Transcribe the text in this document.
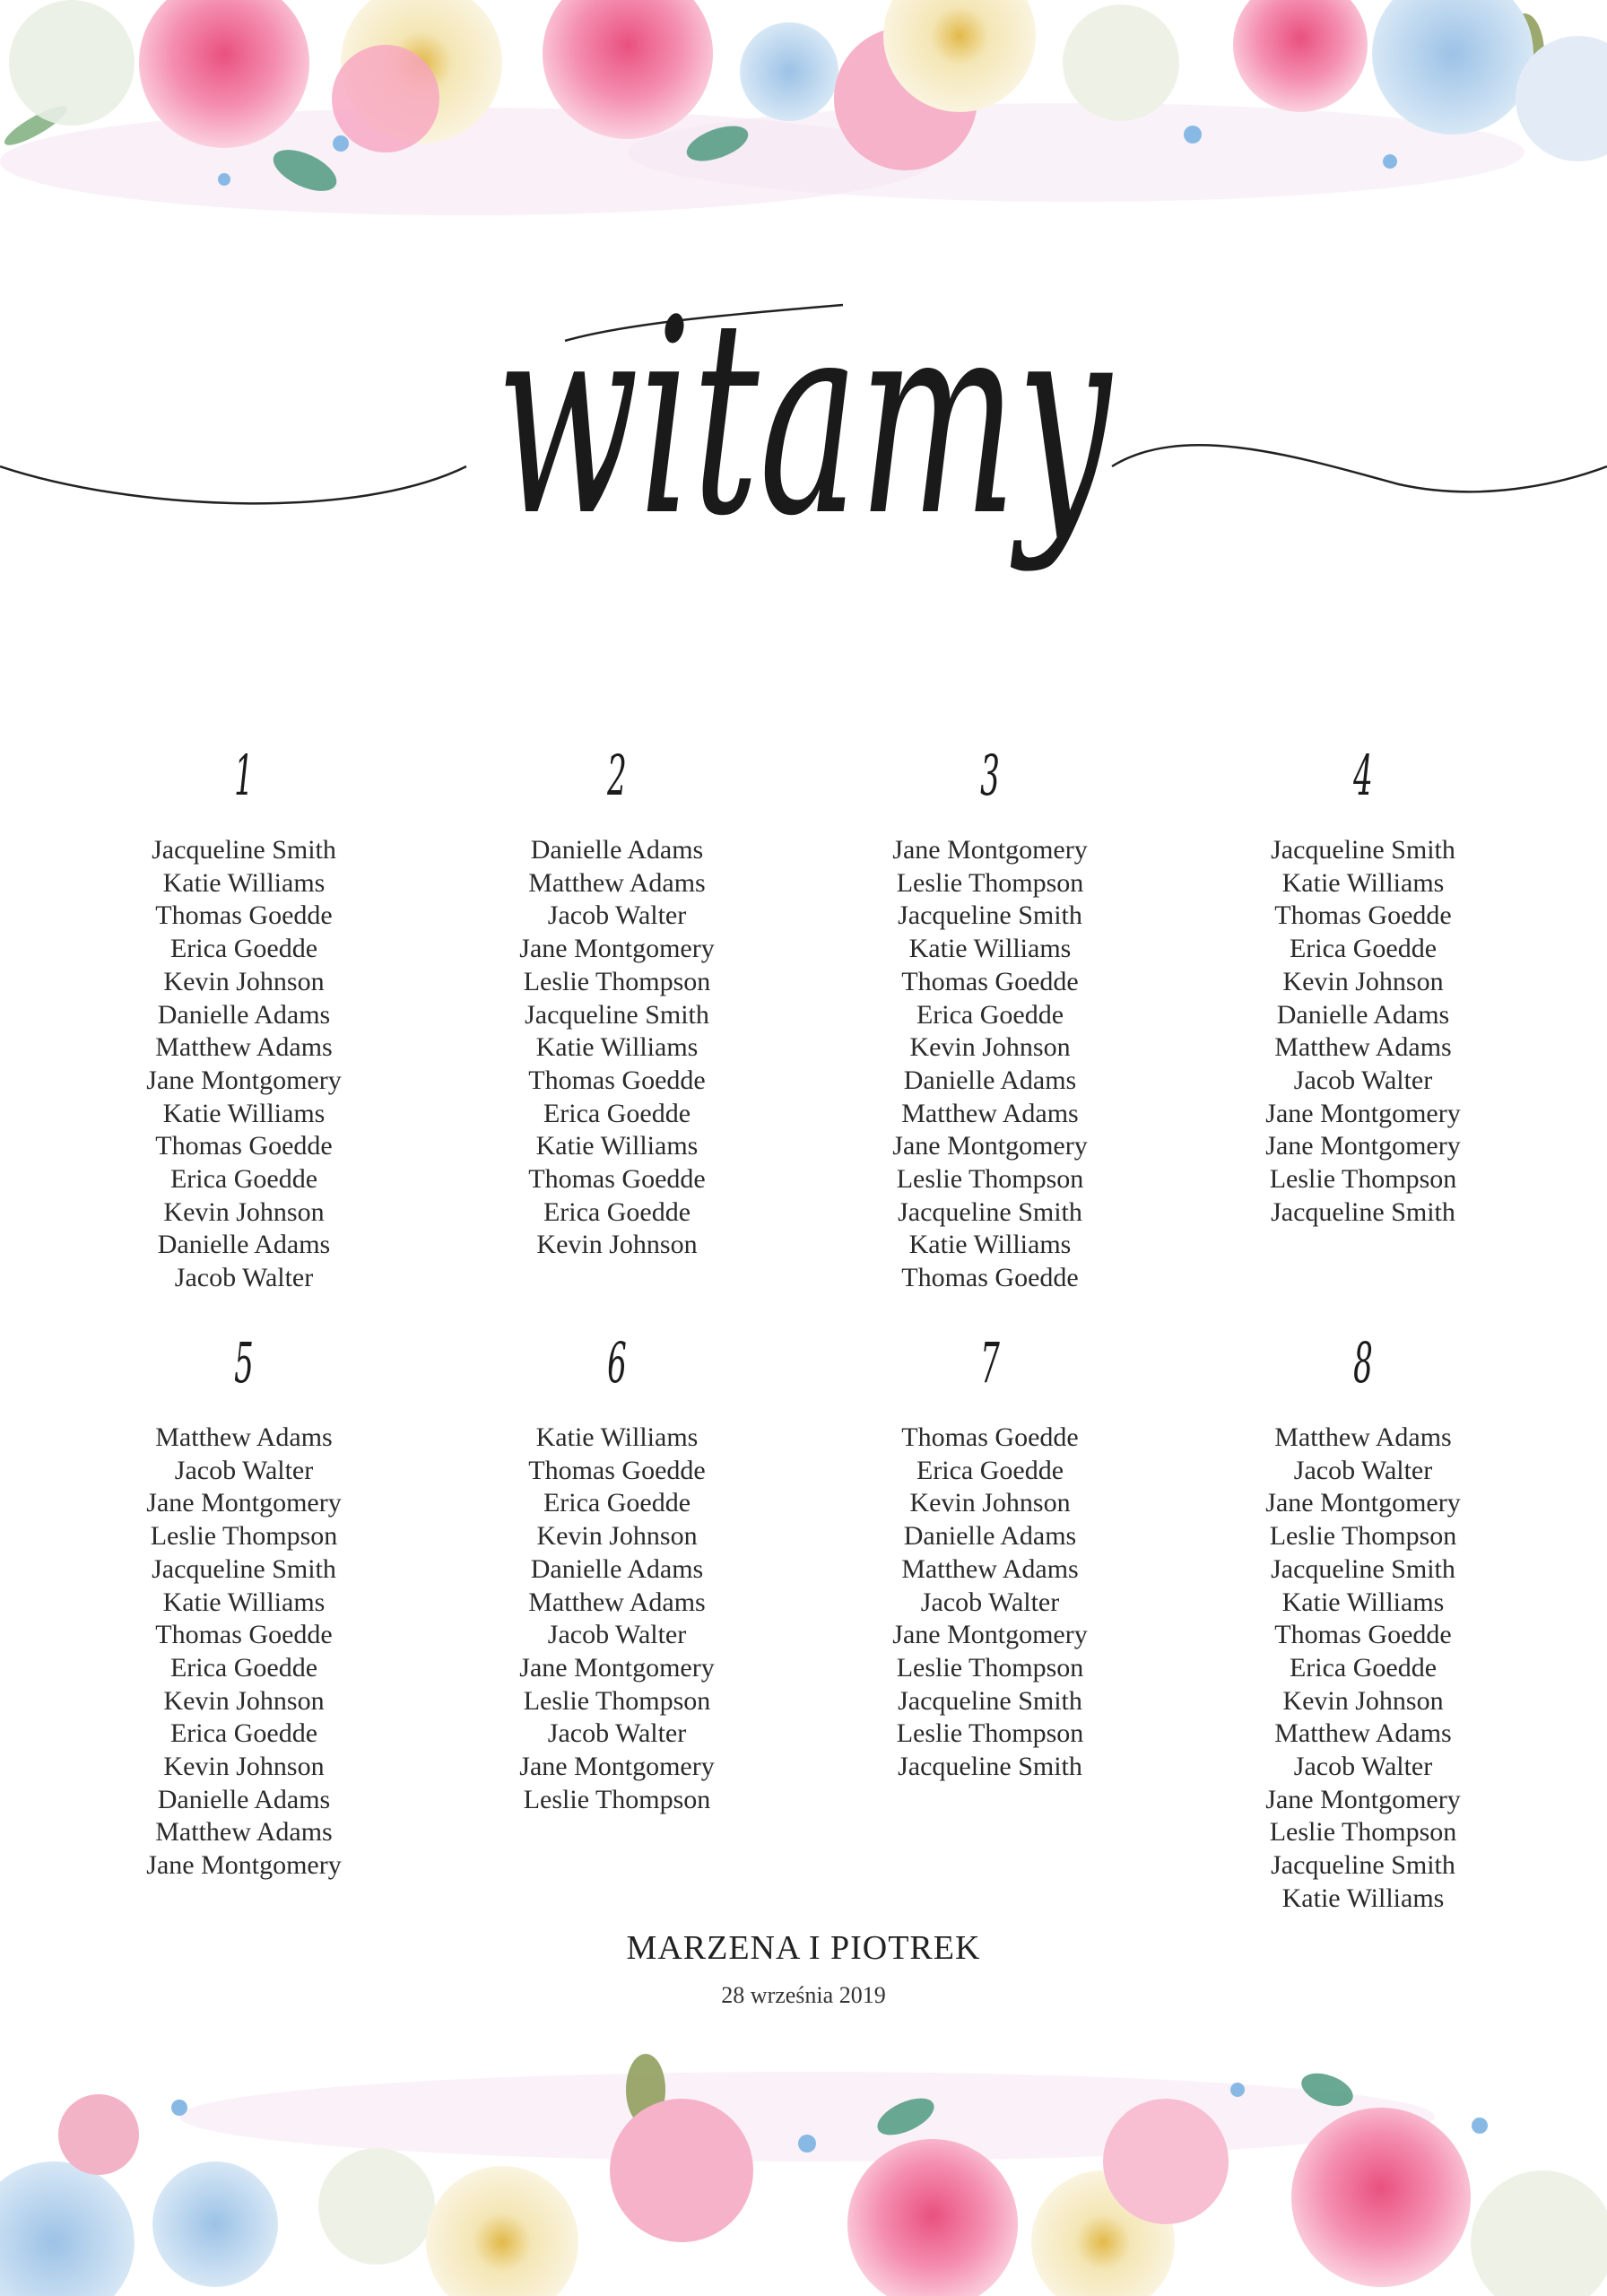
witamy
1
Jacqueline Smith
Katie Williams
Thomas Goedde
Erica Goedde
Kevin Johnson
Danielle Adams
Matthew Adams
Jane Montgomery
Katie Williams
Thomas Goedde
Erica Goedde
Kevin Johnson
Danielle Adams
Jacob Walter
2
Danielle Adams
Matthew Adams
Jacob Walter
Jane Montgomery
Leslie Thompson
Jacqueline Smith
Katie Williams
Thomas Goedde
Erica Goedde
Katie Williams
Thomas Goedde
Erica Goedde
Kevin Johnson
3
Jane Montgomery
Leslie Thompson
Jacqueline Smith
Katie Williams
Thomas Goedde
Erica Goedde
Kevin Johnson
Danielle Adams
Matthew Adams
Jane Montgomery
Leslie Thompson
Jacqueline Smith
Katie Williams
Thomas Goedde
4
Jacqueline Smith
Katie Williams
Thomas Goedde
Erica Goedde
Kevin Johnson
Danielle Adams
Matthew Adams
Jacob Walter
Jane Montgomery
Jane Montgomery
Leslie Thompson
Jacqueline Smith
5
Matthew Adams
Jacob Walter
Jane Montgomery
Leslie Thompson
Jacqueline Smith
Katie Williams
Thomas Goedde
Erica Goedde
Kevin Johnson
Erica Goedde
Kevin Johnson
Danielle Adams
Matthew Adams
Jane Montgomery
6
Katie Williams
Thomas Goedde
Erica Goedde
Kevin Johnson
Danielle Adams
Matthew Adams
Jacob Walter
Jane Montgomery
Leslie Thompson
Jacob Walter
Jane Montgomery
Leslie Thompson
7
Thomas Goedde
Erica Goedde
Kevin Johnson
Danielle Adams
Matthew Adams
Jacob Walter
Jane Montgomery
Leslie Thompson
Jacqueline Smith
Leslie Thompson
Jacqueline Smith
8
Matthew Adams
Jacob Walter
Jane Montgomery
Leslie Thompson
Jacqueline Smith
Katie Williams
Thomas Goedde
Erica Goedde
Kevin Johnson
Matthew Adams
Jacob Walter
Jane Montgomery
Leslie Thompson
Jacqueline Smith
Katie Williams
MARZENA I PIOTREK
28 września 2019
